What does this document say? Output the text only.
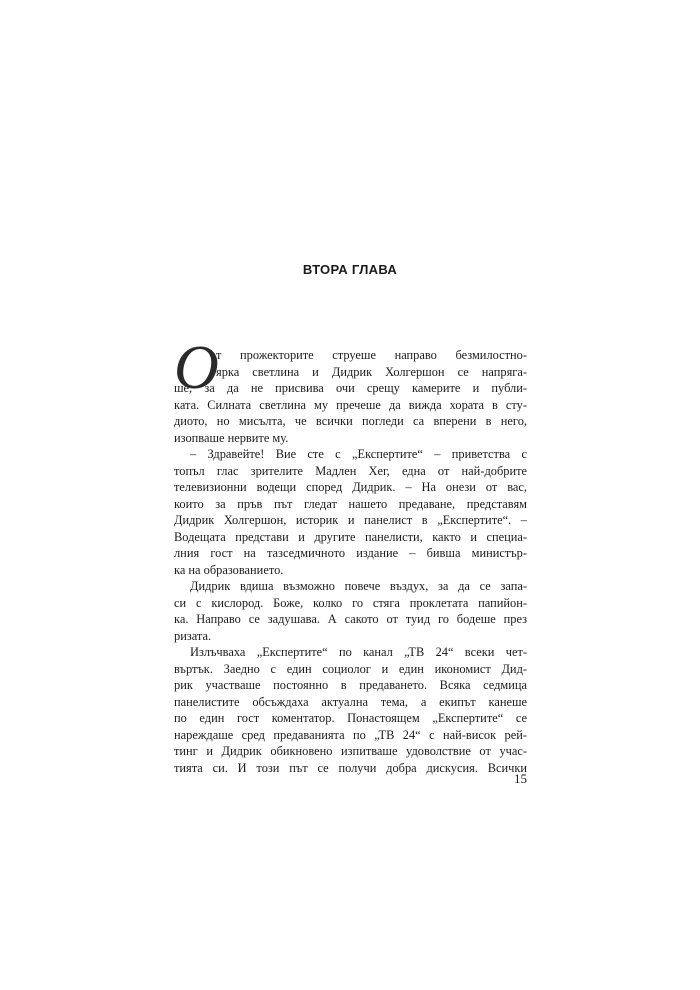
ВТОРА ГЛАВА
О
т прожекторите струеше направо безмилостно-
ярка светлина и Дидрик Холгершон се напряга-
ше, за да не присвива очи срещу камерите и публи-
ката. Силната светлина му пречеше да вижда хората в сту-
диото, но мисълта, че всички погледи са вперени в него,
изопваше нервите му.
– Здравейте! Вие сте с „Експертите“ – приветства с
топъл глас зрителите Мадлен Хег, една от най-добрите
телевизионни водещи според Дидрик. – На онези от вас,
които за пръв път гледат нашето предаване, представям
Дидрик Холгершон, историк и панелист в „Експертите“. –
Водещата представи и другите панелисти, както и специа-
лния гост на тазседмичното издание – бивша министър-
ка на образованието.
Дидрик вдиша възможно повече въздух, за да се запа-
си с кислород. Боже, колко го стяга проклетата папийон-
ка. Направо се задушава. А сакото от туид го бодеше през
ризата.
Излъчваха „Експертите“ по канал „ТВ 24“ всеки чет-
въртък. Заедно с един социолог и един икономист Дид-
рик участваше постоянно в предаването. Всяка седмица
панелистите обсъждаха актуална тема, а екипът канеше
по един гост коментатор. Понастоящем „Експертите“ се
нареждаше сред предаванията по „ТВ 24“ с най-висок рей-
тинг и Дидрик обикновено изпитваше удоволствие от учас-
тията си. И този път се получи добра дискусия. Всички
15
